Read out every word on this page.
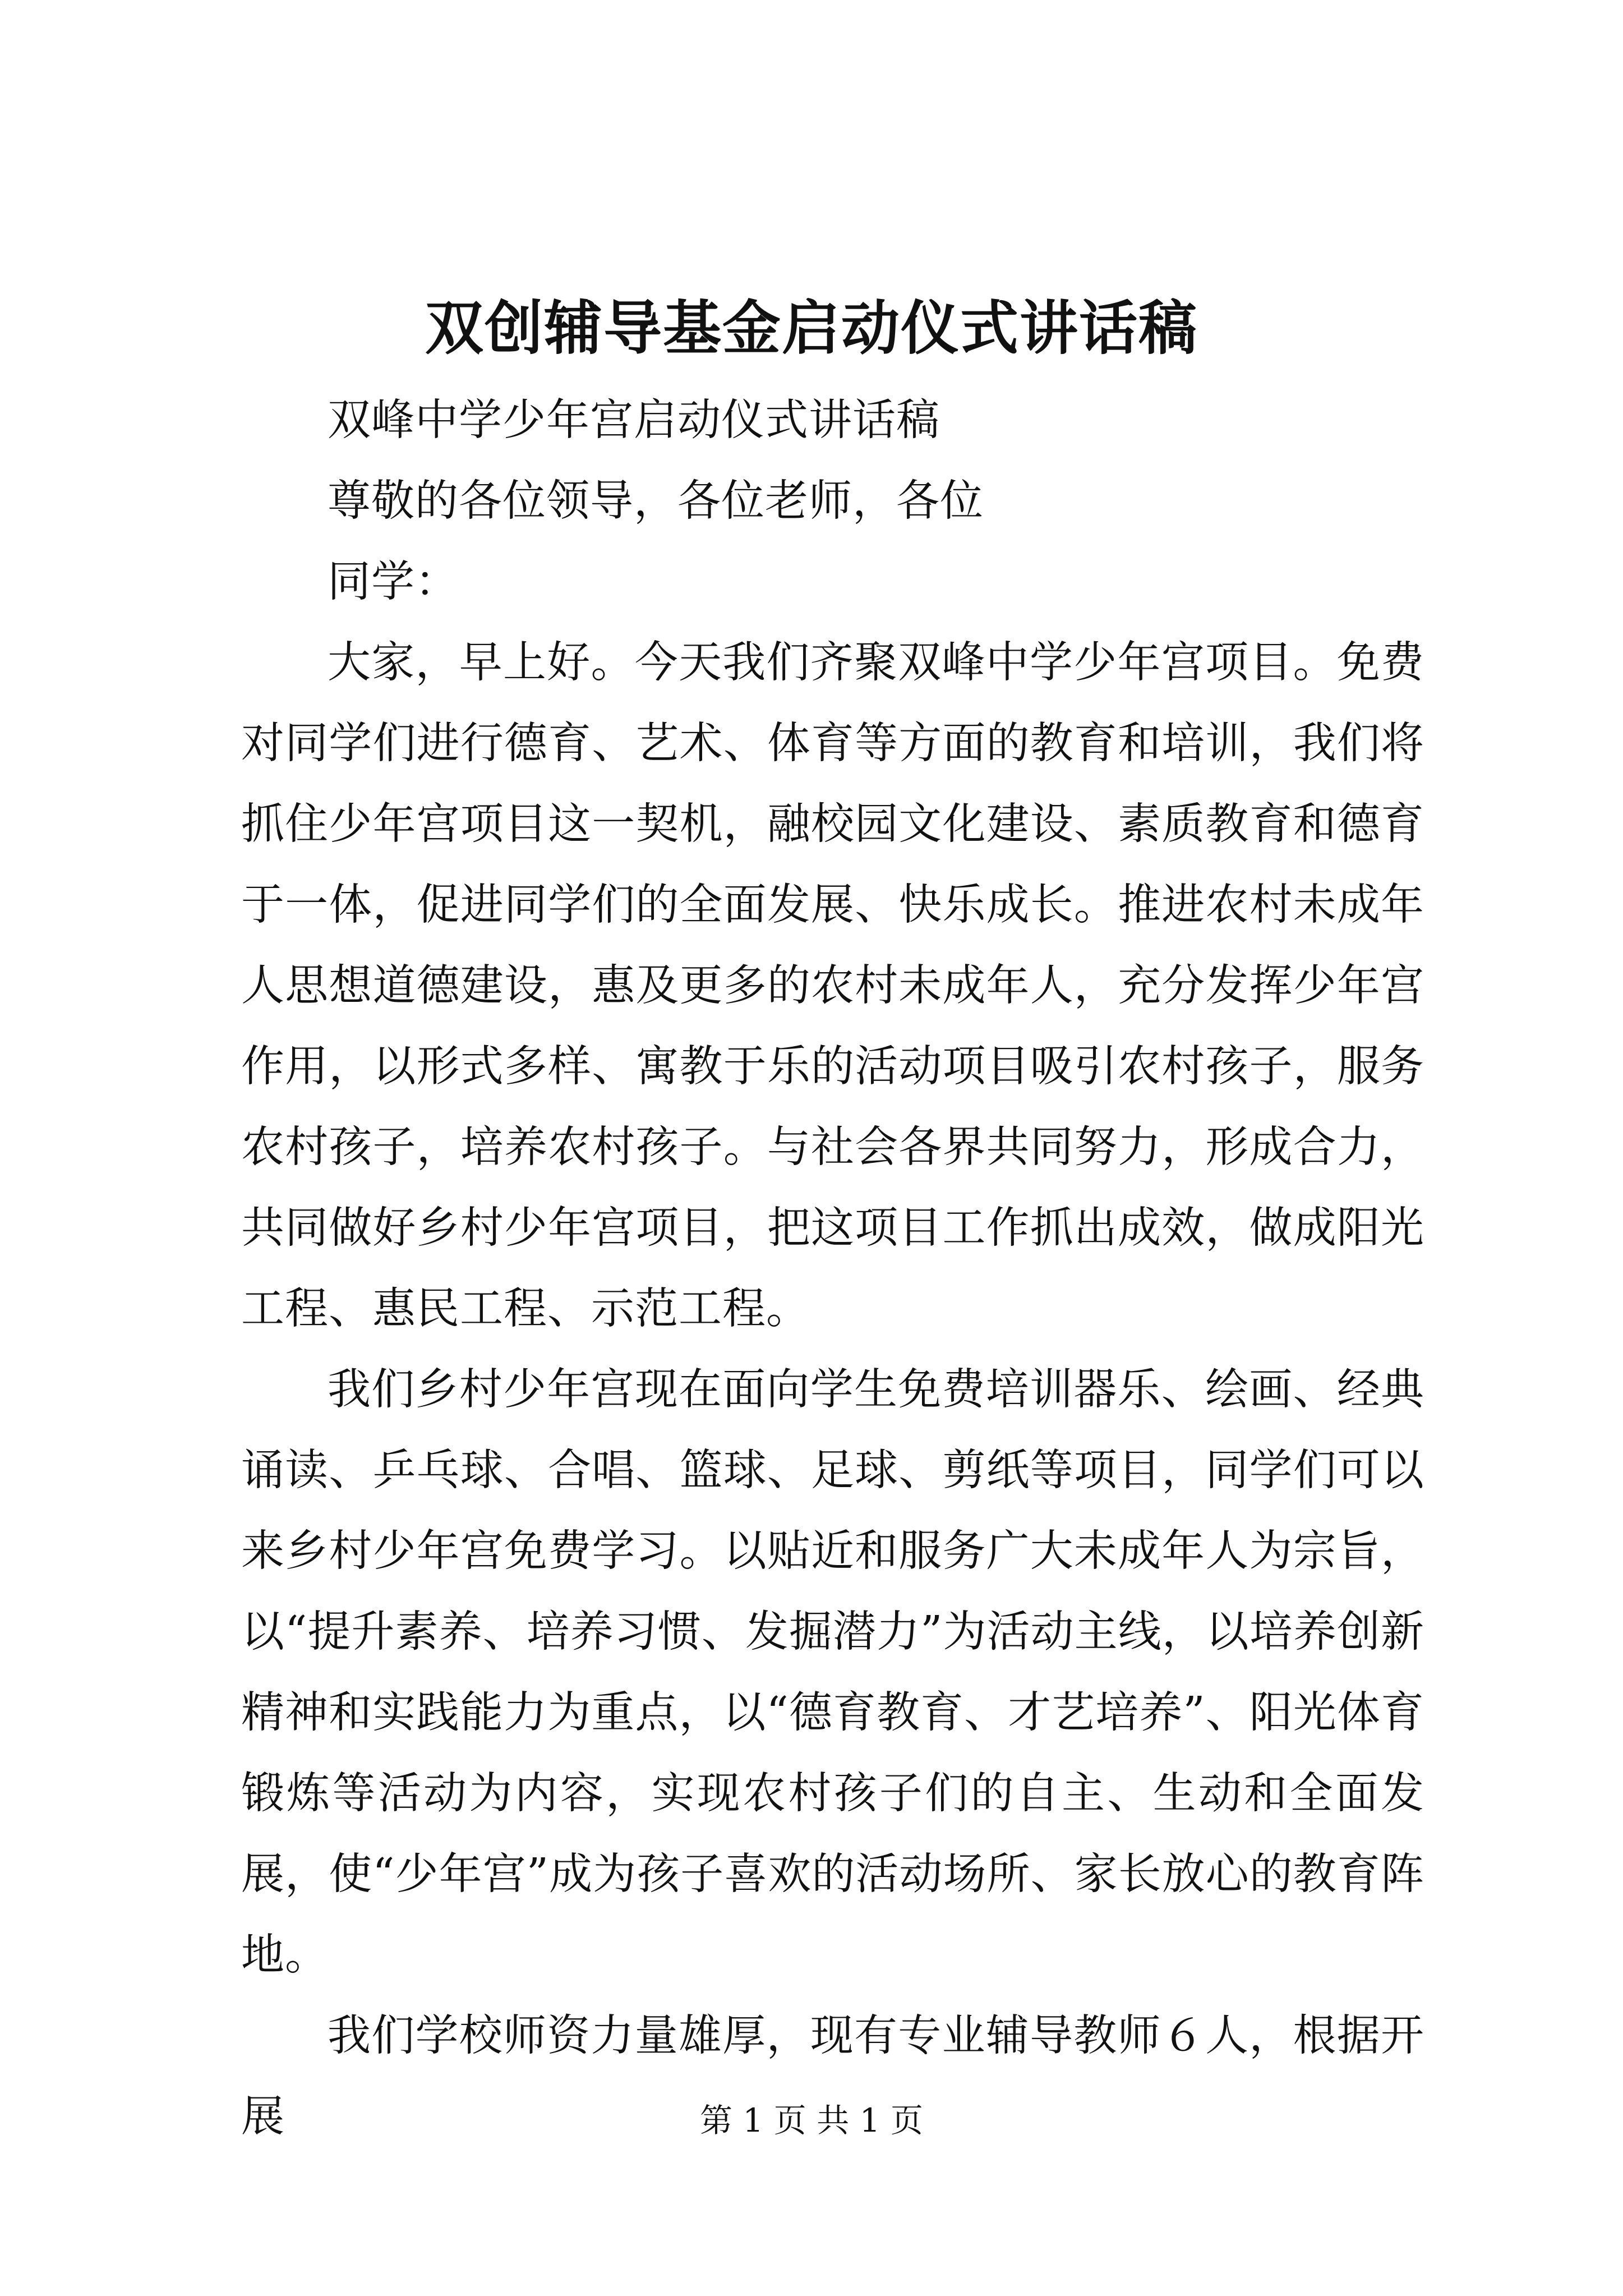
双创辅导基金启动仪式讲话稿

双峰中学少年宫启动仪式讲话稿

尊敬的各位领导，各位老师，各位

同学：

大家，早上好。今天我们齐聚双峰中学少年宫项目。免费对同学们进行德育、艺术、体育等方面的教育和培训，我们将抓住少年宫项目这一契机，融校园文化建设、素质教育和德育于一体，促进同学们的全面发展、快乐成长。推进农村未成年人思想道德建设，惠及更多的农村未成年人，充分发挥少年宫作用，以形式多样、寓教于乐的活动项目吸引农村孩子，服务农村孩子，培养农村孩子。与社会各界共同努力，形成合力，共同做好乡村少年宫项目，把这项目工作抓出成效，做成阳光工程、惠民工程、示范工程。

我们乡村少年宫现在面向学生免费培训器乐、绘画、经典诵读、乒乓球、合唱、篮球、足球、剪纸等项目，同学们可以来乡村少年宫免费学习。以贴近和服务广大未成年人为宗旨，以“提升素养、培养习惯、发掘潜力”为活动主线，以培养创新精神和实践能力为重点，以“德育教育、才艺培养”、阳光体育锻炼等活动为内容，实现农村孩子们的自主、生动和全面发展，使“少年宫”成为孩子喜欢的活动场所、家长放心的教育阵地。

我们学校师资力量雄厚，现有专业辅导教师６人，根据开展	第 1 页 共 1 页
